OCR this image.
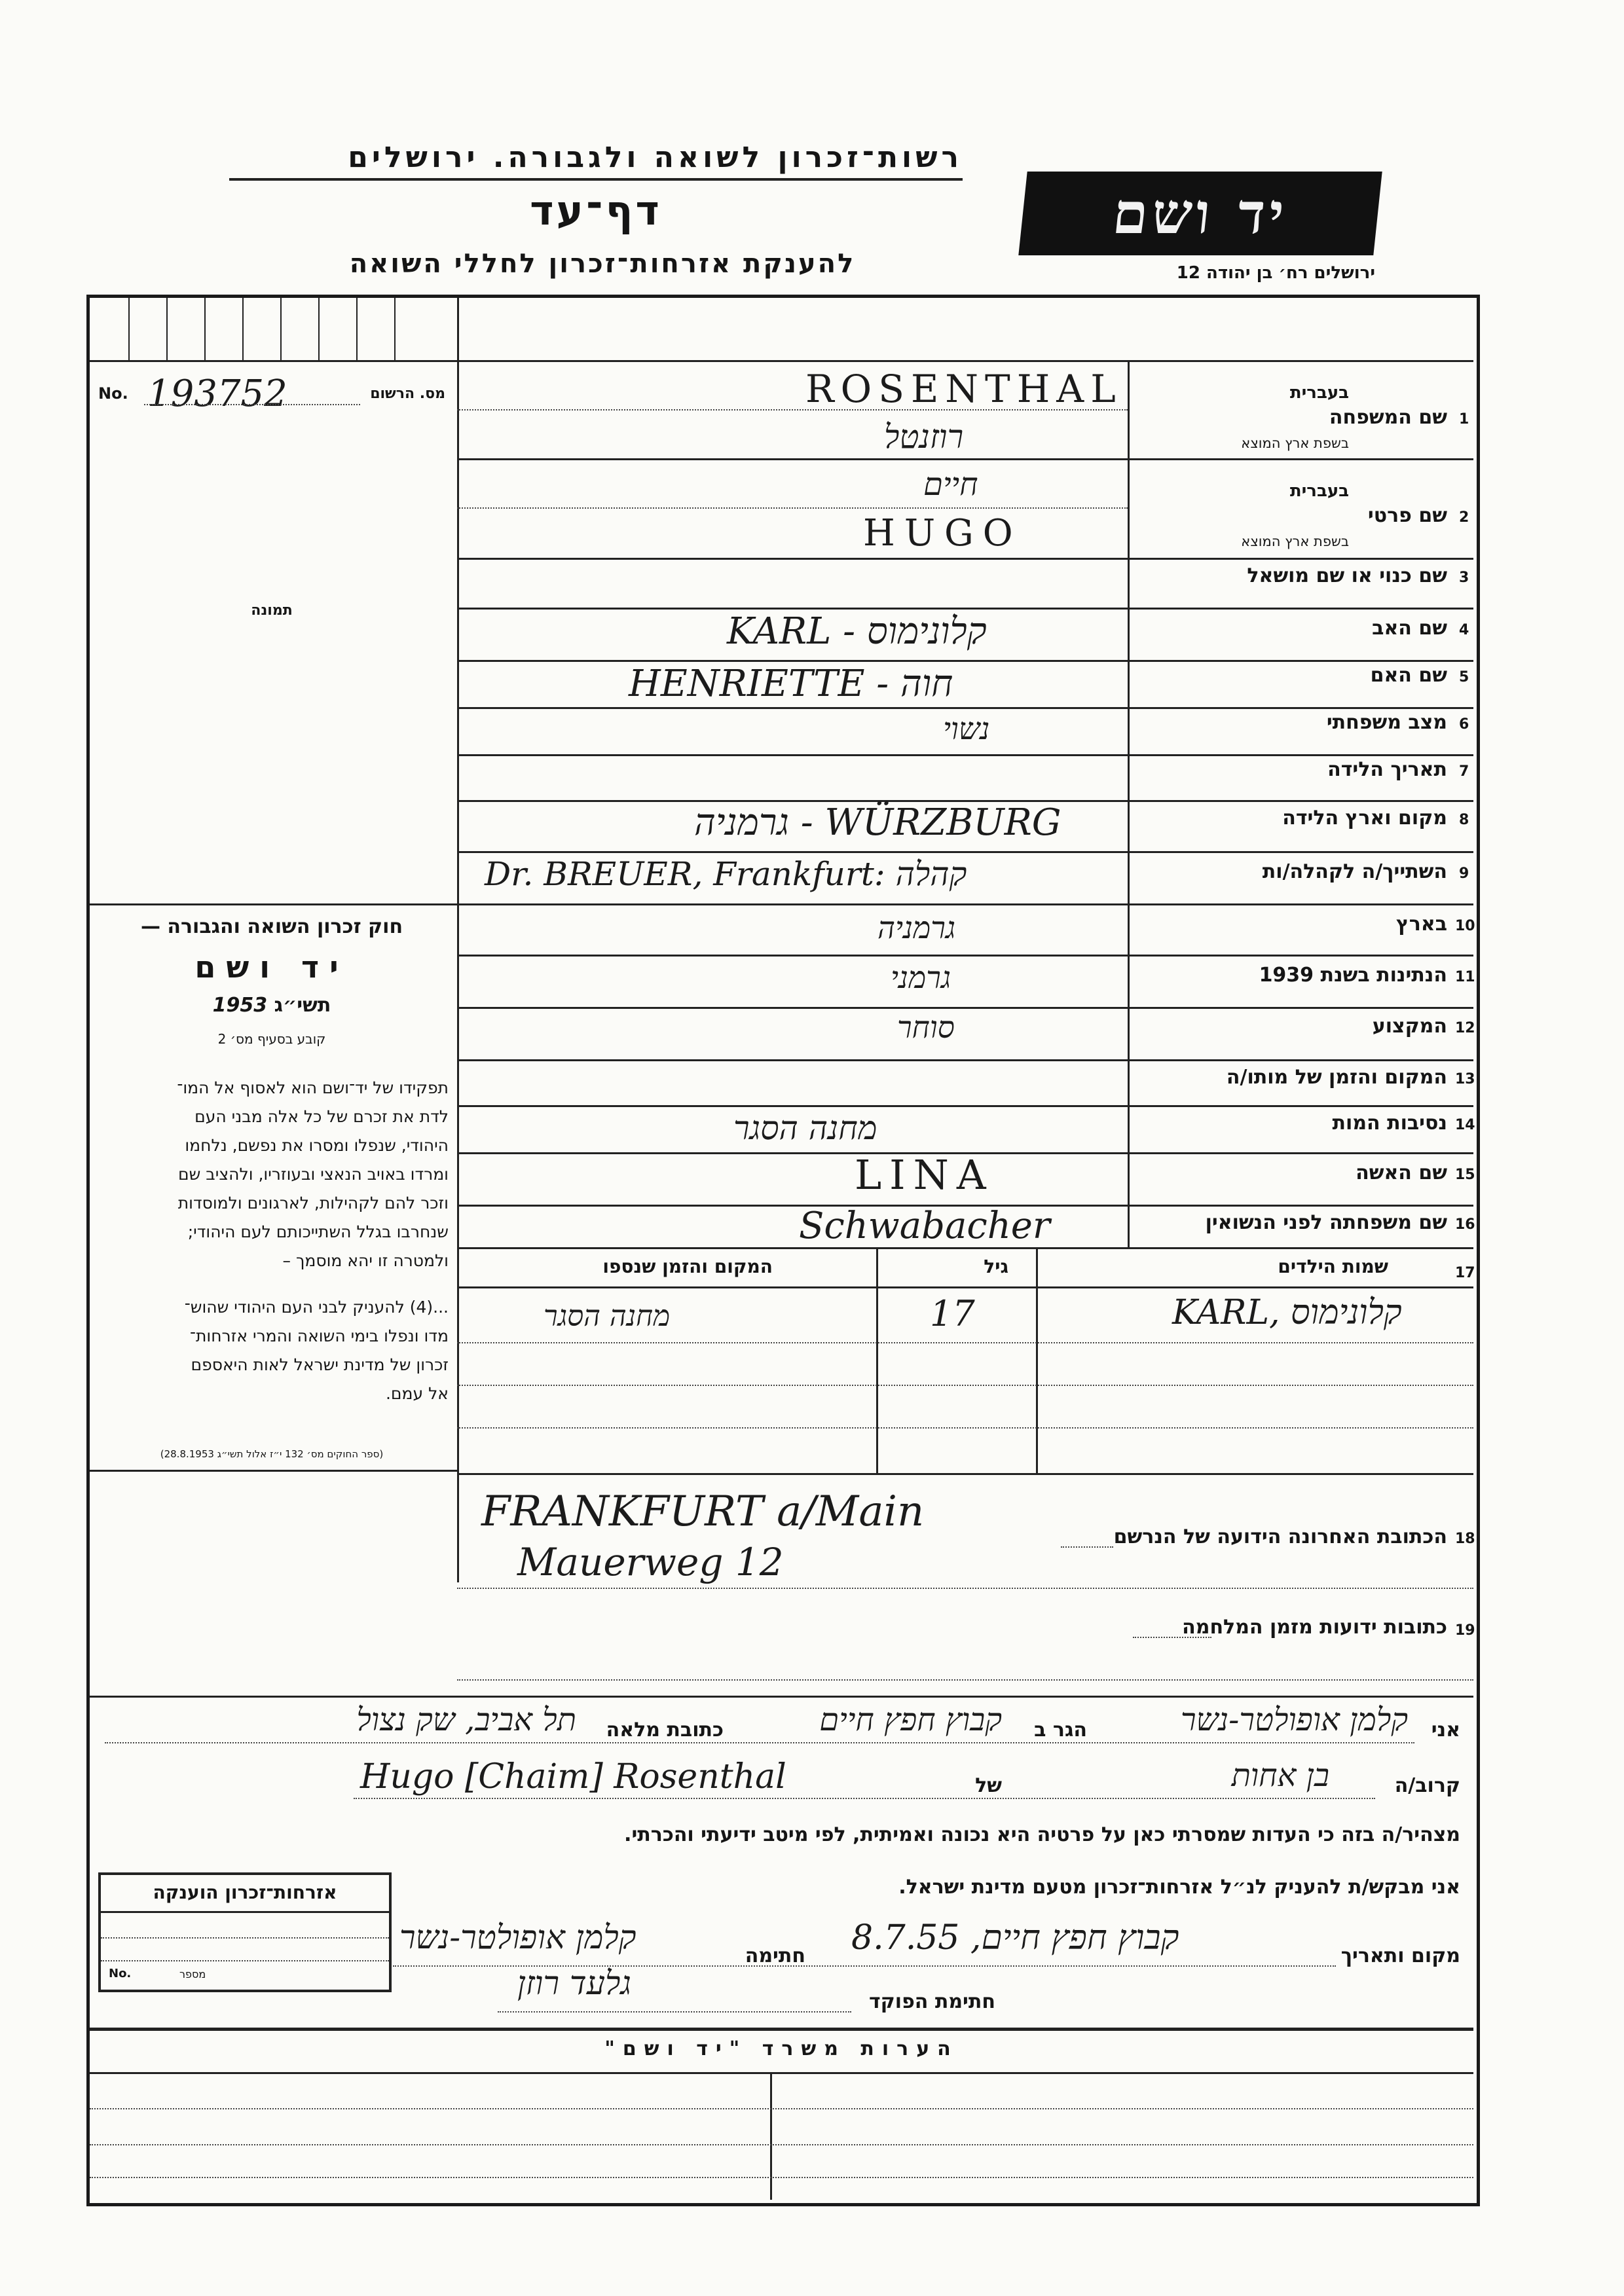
רשות־זכרון לשואה ולגבורה. ירושלים
דף־עד
להענקת אזרחות־זכרון לחללי השואה
יד ושם
ירושלים רח׳ בן יהודה 12
No. 193752	מס. הרשום
תמונה
חוק זכרון השואה והגבורה —
יד ושם
תשי״ג 1953
קובע בסעיף מס׳ 2
תפקידו של יד־ושם הוא לאסוף אל המו־
לדת את זכרם של כל אלה מבני העם
היהודי, שנפלו ומסרו את נפשם, נלחמו
ומרדו באויב הנאצי ובעוזריו, ולהציב שם
וזכר להם לקהילות, לארגונים ולמוסדות
שנחרבו בגלל השתייכותם לעם היהודי;
ולמטרה זו יהא מוסמך –
...(4) להעניק לבני העם היהודי שהוש־
מדו ונפלו בימי השואה והמרי אזרחות־
זכרון של מדינת ישראל לאות היאספם
אל עמם.
(ספר החוקים מס׳ 132 י״ז אלול תשי״ג 28.8.1953)
1
שם המשפחה
בעברית
בשפת ארץ המוצא
ROSENTHAL
רוזנטל
2
שם פרטי
בעברית
בשפת ארץ המוצא
חיים
HUGO
3
שם כנוי או שם מושאל
4
שם האב
KARL - קלונימוס
5
שם האם
HENRIETTE - חוה
6
מצב משפחתי
נשוי
7
תאריך הלידה
8
מקום וארץ הלידה
גרמניה - WÜRZBURG
9
השתייך/ה לקהלה/ות
Dr. BREUER, Frankfurt: קהלה
10
בארץ
גרמניה
11
הנתינות בשנת 1939
גרמני
12
המקצוע
סוחר
13
המקום והזמן של מותו/ה
14
נסיבות המות
מחנה הסגר
15
שם האשה
LINA
16
שם משפחתה לפני הנשואין
Schwabacher
17
שמות הילדים
גיל
המקום והזמן שנספו
KARL, קלונימוס
17
מחנה הסגר
18
הכתובת האחרונה הידועה של הנרשם
FRANKFURT a/Main
Mauerweg 12
19
כתובות ידועות מזמן המלחמה
אני
קלמן אופולטר-נשר
הגר ב
קבוץ חפץ חיים
כתובת מלאה
תל אביב, שק נצול
קרוב/ה
בן אחות
של
Hugo [Chaim] Rosenthal
מצהיר/ה בזה כי העדות שמסרתי כאן על פרטיה היא נכונה ואמיתית, לפי מיטב ידיעתי והכרתי.
אני מבקש/ת להעניק לנ״ל אזרחות־זכרון מטעם מדינת ישראל.
מקום ותאריך
קבוץ חפץ חיים, 8.7.55
חתימה
קלמן אופולטר-נשר
חתימת הפוקד
גלעד רוזן
אזרחות־זכרון הוענקה
No.	מספר
הערות משרד "יד ושם"
